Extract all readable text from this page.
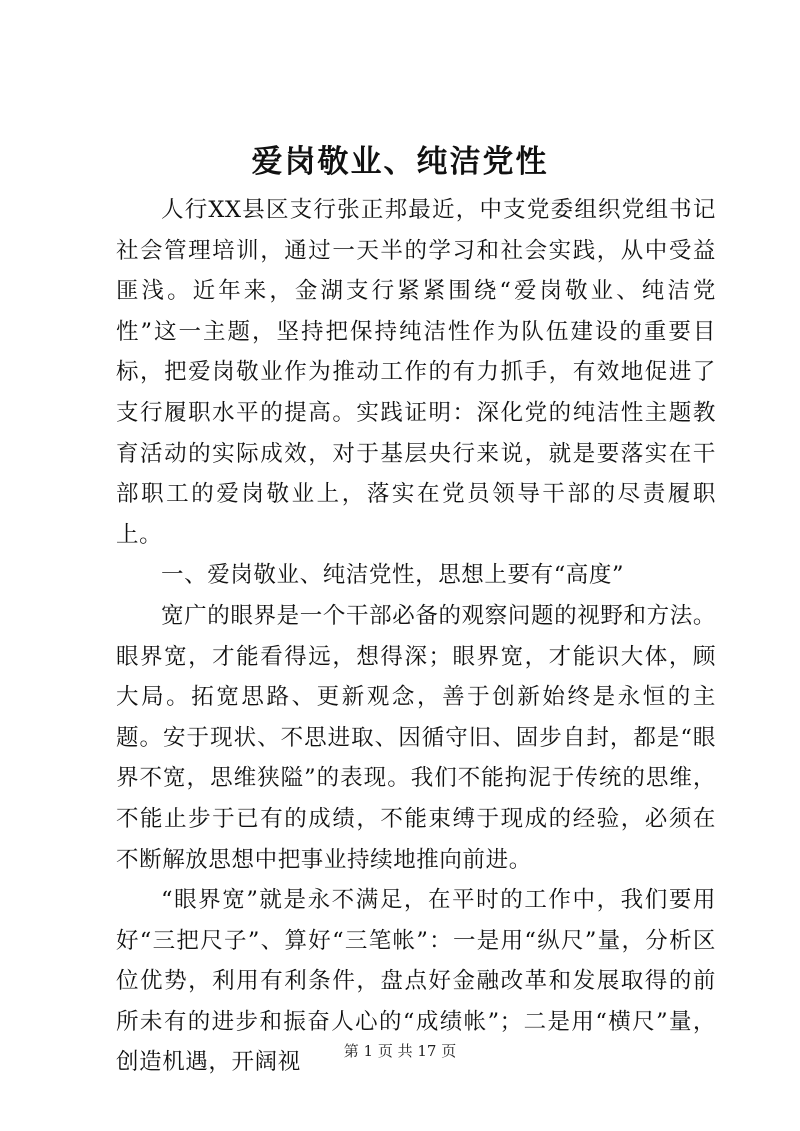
爱岗敬业、纯洁党性

人行XX县区支行张正邦最近，中支党委组织党组书记社会管理培训，通过一天半的学习和社会实践，从中受益匪浅。近年来，金湖支行紧紧围绕“爱岗敬业、纯洁党性”这一主题，坚持把保持纯洁性作为队伍建设的重要目标，把爱岗敬业作为推动工作的有力抓手，有效地促进了支行履职水平的提高。实践证明：深化党的纯洁性主题教育活动的实际成效，对于基层央行来说，就是要落实在干部职工的爱岗敬业上，落实在党员领导干部的尽责履职上。

一、爱岗敬业、纯洁党性，思想上要有“高度”

宽广的眼界是一个干部必备的观察问题的视野和方法。眼界宽，才能看得远，想得深；眼界宽，才能识大体，顾大局。拓宽思路、更新观念，善于创新始终是永恒的主题。安于现状、不思进取、因循守旧、固步自封，都是“眼界不宽，思维狭隘”的表现。我们不能拘泥于传统的思维，不能止步于已有的成绩，不能束缚于现成的经验，必须在不断解放思想中把事业持续地推向前进。

“眼界宽”就是永不满足，在平时的工作中，我们要用好“三把尺子”、算好“三笔帐”：一是用“纵尺”量，分析区位优势，利用有利条件，盘点好金融改革和发展取得的前所未有的进步和振奋人心的“成绩帐”；二是用“横尺”量，创造机遇，开阔视	第 1 页 共 17 页
